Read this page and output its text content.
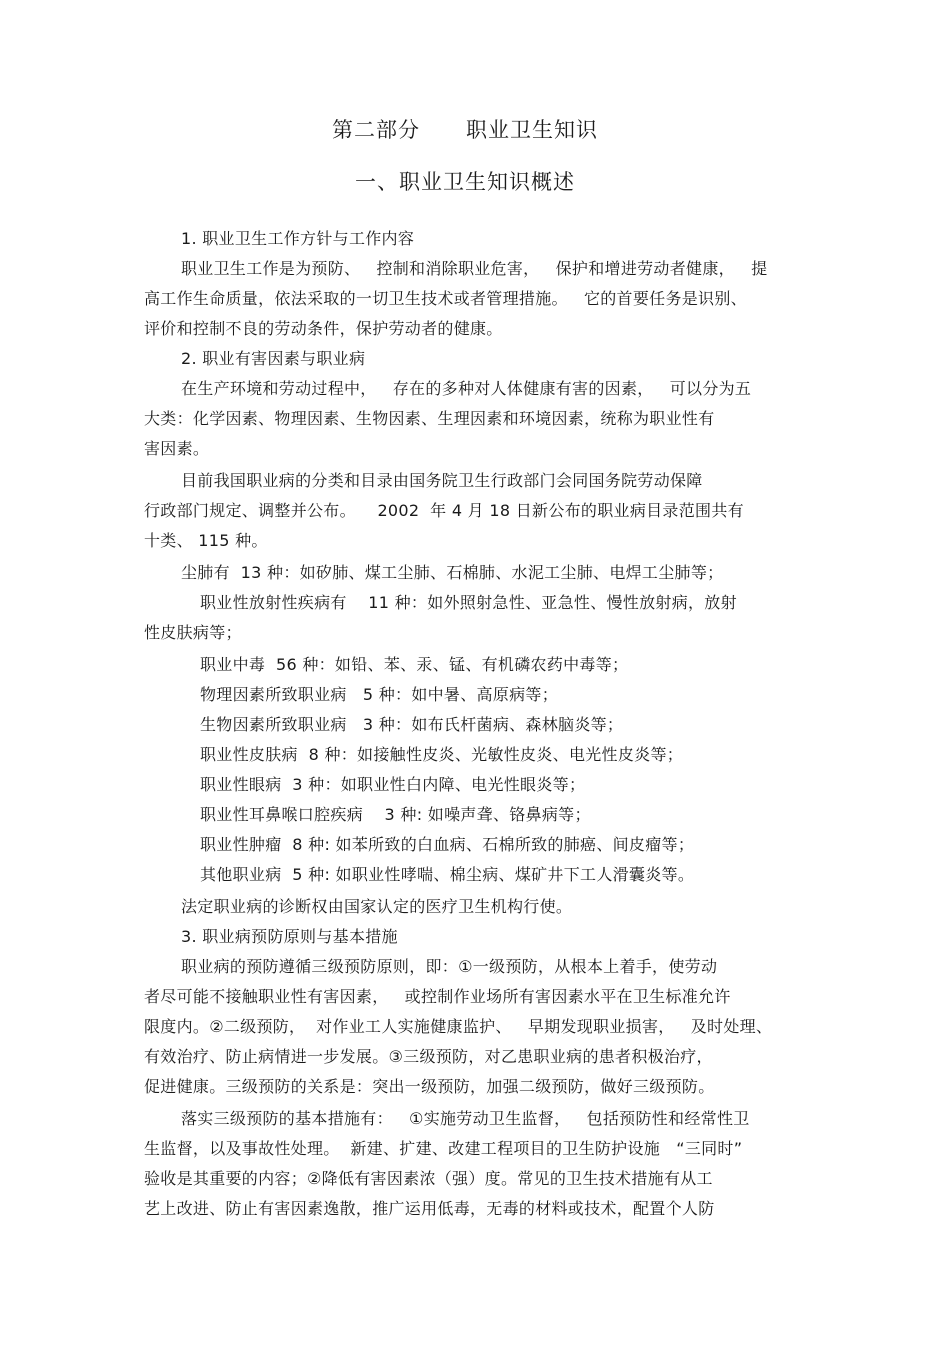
第二部分      职业卫生知识
一、职业卫生知识概述
1. 职业卫生工作方针与工作内容
职业卫生工作是为预防、   控制和消除职业危害，   保护和增进劳动者健康，   提
高工作生命质量，依法采取的一切卫生技术或者管理措施。   它的首要任务是识别、
评价和控制不良的劳动条件，保护劳动者的健康。
2. 职业有害因素与职业病
在生产环境和劳动过程中，   存在的多种对人体健康有害的因素，   可以分为五
大类：化学因素、物理因素、生物因素、生理因素和环境因素，统称为职业性有
害因素。
目前我国职业病的分类和目录由国务院卫生行政部门会同国务院劳动保障
行政部门规定、调整并公布。    2002  年 4 月 18 日新公布的职业病目录范围共有
十类、 115 种。
尘肺有  13 种：如矽肺、煤工尘肺、石棉肺、水泥工尘肺、电焊工尘肺等；
职业性放射性疾病有    11 种：如外照射急性、亚急性、慢性放射病，放射
性皮肤病等；
职业中毒  56 种：如铅、苯、汞、锰、有机磷农药中毒等；
物理因素所致职业病   5 种：如中暑、高原病等；
生物因素所致职业病   3 种：如布氏杆菌病、森林脑炎等；
职业性皮肤病  8 种：如接触性皮炎、光敏性皮炎、电光性皮炎等；
职业性眼病  3 种：如职业性白内障、电光性眼炎等；
职业性耳鼻喉口腔疾病    3 种: 如噪声聋、铬鼻病等；
职业性肿瘤  8 种: 如苯所致的白血病、石棉所致的肺癌、间皮瘤等；
其他职业病  5 种: 如职业性哮喘、棉尘病、煤矿井下工人滑囊炎等。
法定职业病的诊断权由国家认定的医疗卫生机构行使。
3. 职业病预防原则与基本措施
职业病的预防遵循三级预防原则，即：①一级预防，从根本上着手，使劳动
者尽可能不接触职业性有害因素，   或控制作业场所有害因素水平在卫生标准允许
限度内。②二级预防，  对作业工人实施健康监护、   早期发现职业损害，   及时处理、
有效治疗、防止病情进一步发展。③三级预防，对乙患职业病的患者积极治疗，
促进健康。三级预防的关系是：突出一级预防，加强二级预防，做好三级预防。
落实三级预防的基本措施有：   ①实施劳动卫生监督，   包括预防性和经常性卫
生监督，以及事故性处理。  新建、扩建、改建工程项目的卫生防护设施   “三同时”
验收是其重要的内容；②降低有害因素浓（强）度。常见的卫生技术措施有从工
艺上改进、防止有害因素逸散，推广运用低毒，无毒的材料或技术，配置个人防
